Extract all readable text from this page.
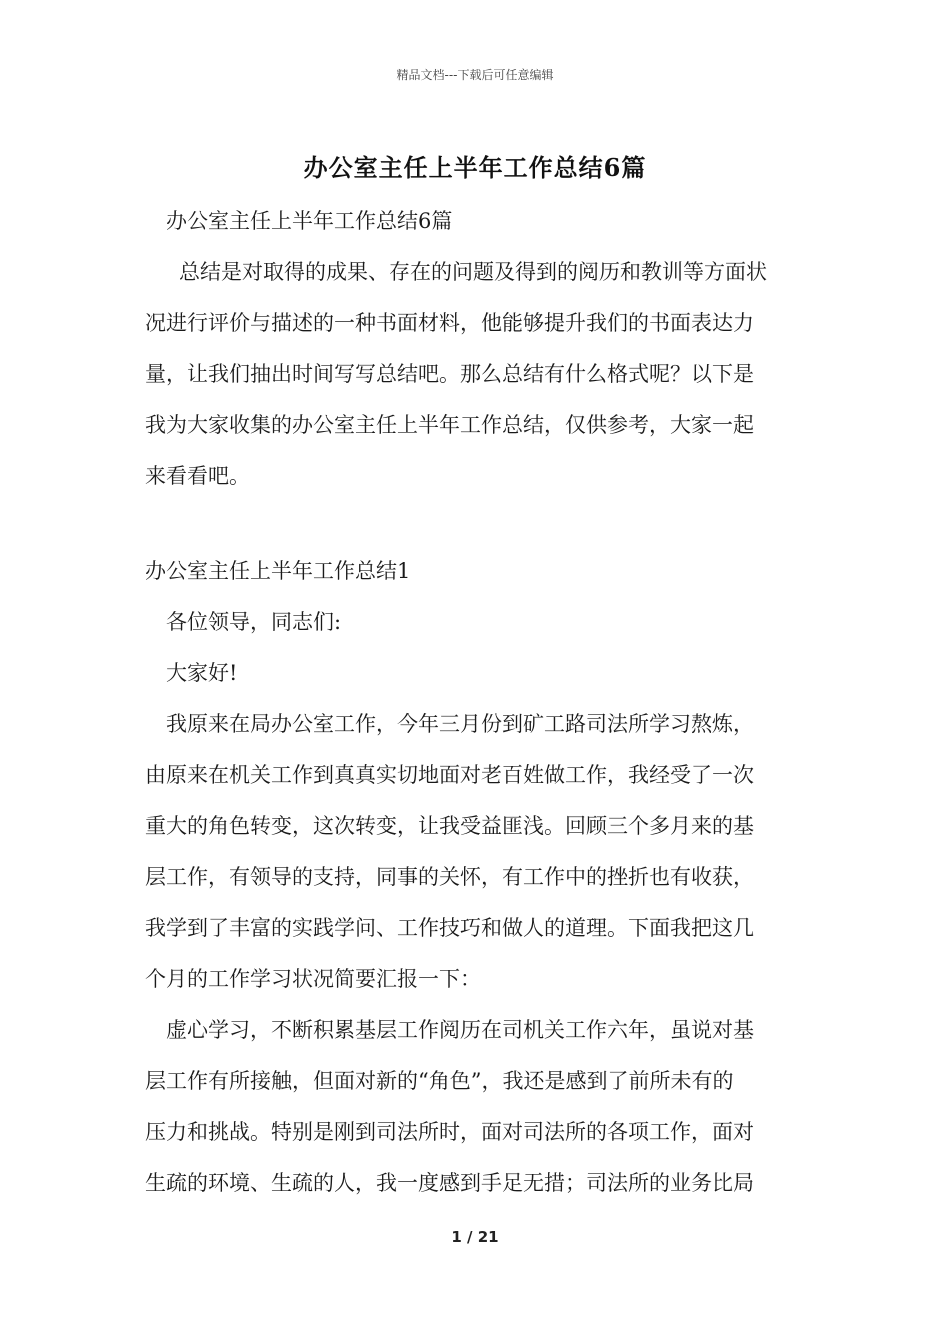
精品文档---下载后可任意编辑
办公室主任上半年工作总结6篇
办公室主任上半年工作总结6篇
总结是对取得的成果、存在的问题及得到的阅历和教训等方面状
况进行评价与描述的一种书面材料，他能够提升我们的书面表达力
量，让我们抽出时间写写总结吧。那么总结有什么格式呢？以下是
我为大家收集的办公室主任上半年工作总结，仅供参考，大家一起
来看看吧。
办公室主任上半年工作总结1
各位领导，同志们:
大家好!
我原来在局办公室工作，今年三月份到矿工路司法所学习熬炼，
由原来在机关工作到真真实切地面对老百姓做工作，我经受了一次
重大的角色转变，这次转变，让我受益匪浅。回顾三个多月来的基
层工作，有领导的支持，同事的关怀，有工作中的挫折也有收获，
我学到了丰富的实践学问、工作技巧和做人的道理。下面我把这几
个月的工作学习状况简要汇报一下：
虚心学习，不断积累基层工作阅历在司机关工作六年，虽说对基
层工作有所接触，但面对新的“角色”，我还是感到了前所未有的
压力和挑战。特别是刚到司法所时，面对司法所的各项工作，面对
生疏的环境、生疏的人，我一度感到手足无措；司法所的业务比局
1 / 21
